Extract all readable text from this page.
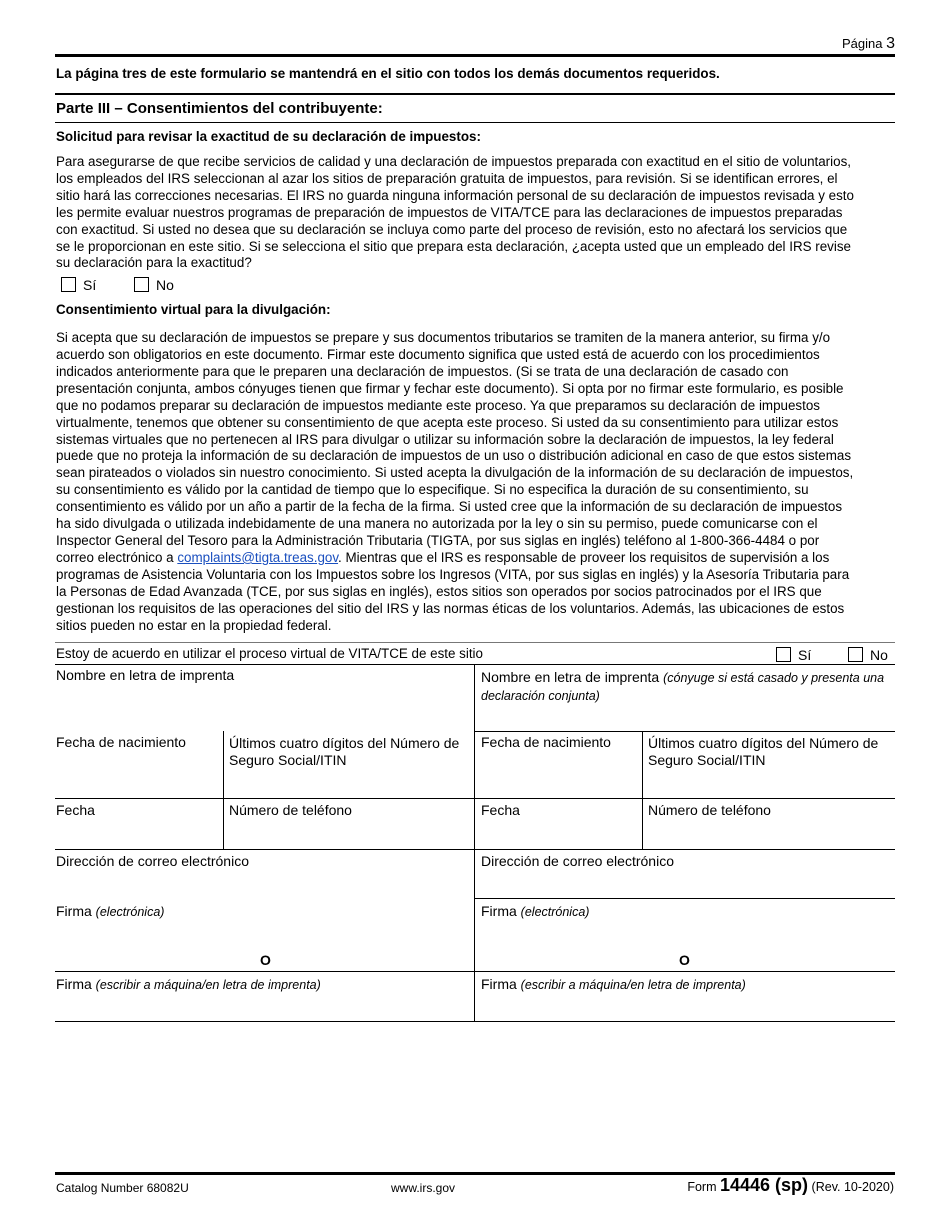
Página 3
La página tres de este formulario se mantendrá en el sitio con todos los demás documentos requeridos.
Parte III – Consentimientos del contribuyente:
Solicitud para revisar la exactitud de su declaración de impuestos:
Para asegurarse de que recibe servicios de calidad y una declaración de impuestos preparada con exactitud en el sitio de voluntarios,
los empleados del IRS seleccionan al azar los sitios de preparación gratuita de impuestos, para revisión. Si se identifican errores, el
sitio hará las correcciones necesarias. El IRS no guarda ninguna información personal de su declaración de impuestos revisada y esto
les permite evaluar nuestros programas de preparación de impuestos de VITA/TCE para las declaraciones de impuestos preparadas
con exactitud. Si usted no desea que su declaración se incluya como parte del proceso de revisión, esto no afectará los servicios que
se le proporcionan en este sitio. Si se selecciona el sitio que prepara esta declaración, ¿acepta usted que un empleado del IRS revise
su declaración para la exactitud?
Sí	No
Consentimiento virtual para la divulgación:
Si acepta que su declaración de impuestos se prepare y sus documentos tributarios se tramiten de la manera anterior, su firma y/o
acuerdo son obligatorios en este documento. Firmar este documento significa que usted está de acuerdo con los procedimientos
indicados anteriormente para que le preparen una declaración de impuestos. (Si se trata de una declaración de casado con
presentación conjunta, ambos cónyuges tienen que firmar y fechar este documento). Si opta por no firmar este formulario, es posible
que no podamos preparar su declaración de impuestos mediante este proceso. Ya que preparamos su declaración de impuestos
virtualmente, tenemos que obtener su consentimiento de que acepta este proceso. Si usted da su consentimiento para utilizar estos
sistemas virtuales que no pertenecen al IRS para divulgar o utilizar su información sobre la declaración de impuestos, la ley federal
puede que no proteja la información de su declaración de impuestos de un uso o distribución adicional en caso de que estos sistemas
sean pirateados o violados sin nuestro conocimiento. Si usted acepta la divulgación de la información de su declaración de impuestos,
su consentimiento es válido por la cantidad de tiempo que lo especifique. Si no especifica la duración de su consentimiento, su
consentimiento es válido por un año a partir de la fecha de la firma. Si usted cree que la información de su declaración de impuestos
ha sido divulgada o utilizada indebidamente de una manera no autorizada por la ley o sin su permiso, puede comunicarse con el
Inspector General del Tesoro para la Administración Tributaria (TIGTA, por sus siglas en inglés) teléfono al 1-800-366-4484 o por
correo electrónico a complaints@tigta.treas.gov. Mientras que el IRS es responsable de proveer los requisitos de supervisión a los
programas de Asistencia Voluntaria con los Impuestos sobre los Ingresos (VITA, por sus siglas en inglés) y la Asesoría Tributaria para
la Personas de Edad Avanzada (TCE, por sus siglas en inglés), estos sitios son operados por socios patrocinados por el IRS que
gestionan los requisitos de las operaciones del sitio del IRS y las normas éticas de los voluntarios. Además, las ubicaciones de estos
sitios pueden no estar en la propiedad federal.
Estoy de acuerdo en utilizar el proceso virtual de VITA/TCE de este sitio	Sí	No
Nombre en letra de imprenta
Fecha de nacimiento	Últimos cuatro dígitos del Número de Seguro Social/ITIN
Fecha	Número de teléfono
Dirección de correo electrónico
Firma (electrónica)
O
Firma (escribir a máquina/en letra de imprenta)
Nombre en letra de imprenta (cónyuge si está casado y presenta una declaración conjunta)
Fecha de nacimiento	Últimos cuatro dígitos del Número de Seguro Social/ITIN
Fecha	Número de teléfono
Dirección de correo electrónico
Firma (electrónica)
O
Firma (escribir a máquina/en letra de imprenta)
Catalog Number 68082U	www.irs.gov	Form 14446 (sp) (Rev. 10-2020)
